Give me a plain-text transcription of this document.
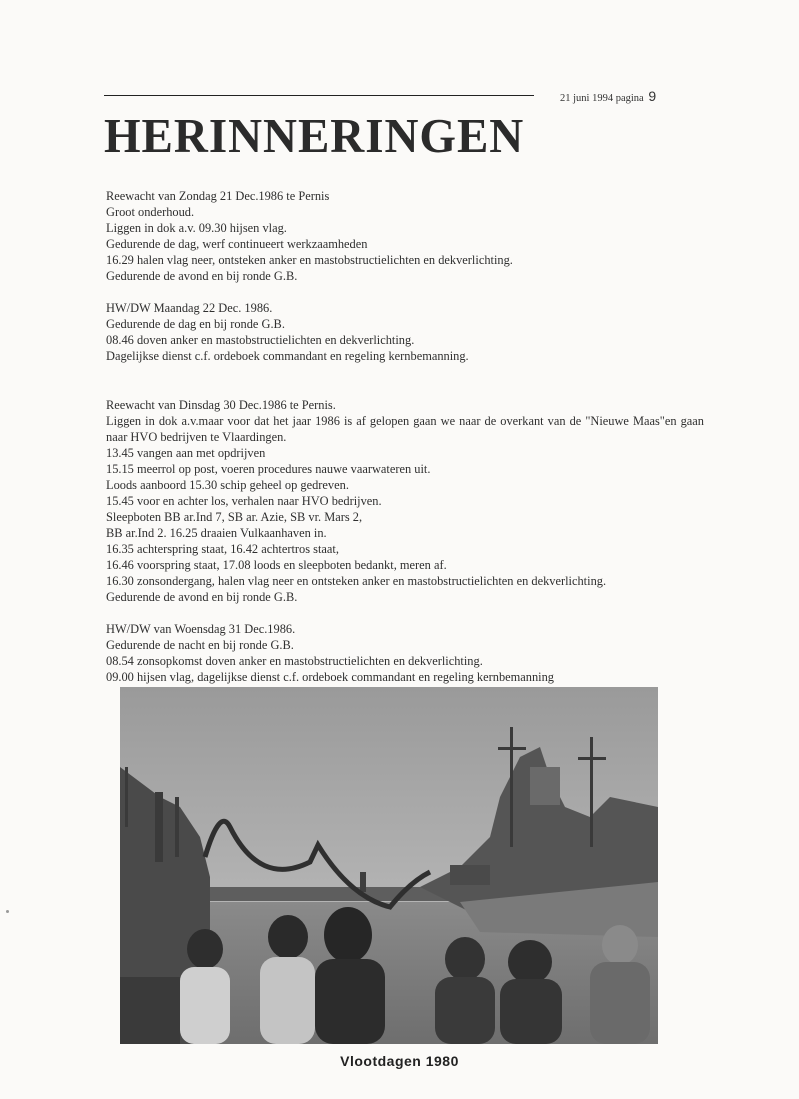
21 juni 1994 pagina 9
HERINNERINGEN
Reewacht van Zondag 21 Dec.1986 te Pernis
Groot onderhoud.
Liggen in dok a.v. 09.30 hijsen vlag.
Gedurende de dag, werf continueert werkzaamheden
16.29 halen vlag neer, ontsteken anker en mastobstructielichten en dekverlichting.
Gedurende de avond en bij ronde G.B.
HW/DW Maandag 22 Dec. 1986.
Gedurende de dag en bij ronde G.B.
08.46 doven anker en mastobstructielichten en dekverlichting.
Dagelijkse dienst c.f. ordeboek commandant en regeling kernbemanning.
Reewacht van Dinsdag 30 Dec.1986 te Pernis.
Liggen in dok a.v.maar voor dat het jaar 1986 is af gelopen gaan we naar de overkant van de "Nieuwe Maas"en gaan naar HVO bedrijven te Vlaardingen.
13.45 vangen aan met opdrijven
15.15 meerrol op post, voeren procedures nauwe vaarwateren uit.
Loods aanboord 15.30 schip geheel op gedreven.
15.45 voor en achter los, verhalen naar HVO bedrijven.
Sleepboten BB ar.Ind 7, SB ar. Azie, SB vr. Mars 2,
BB ar.Ind 2. 16.25 draaien Vulkaanhaven in.
16.35 achterspring staat, 16.42 achtertros staat,
16.46 voorspring staat, 17.08 loods en sleepboten bedankt, meren af.
16.30 zonsondergang, halen vlag neer en ontsteken anker en mastobstructielichten en dekverlichting.
Gedurende de avond en bij ronde G.B.
HW/DW van Woensdag 31 Dec.1986.
Gedurende de nacht en bij ronde G.B.
08.54 zonsopkomst doven anker en mastobstructielichten en dekverlichting.
09.00 hijsen vlag, dagelijkse dienst c.f. ordeboek commandant en regeling kernbemanning
Vlootdagen 1980
